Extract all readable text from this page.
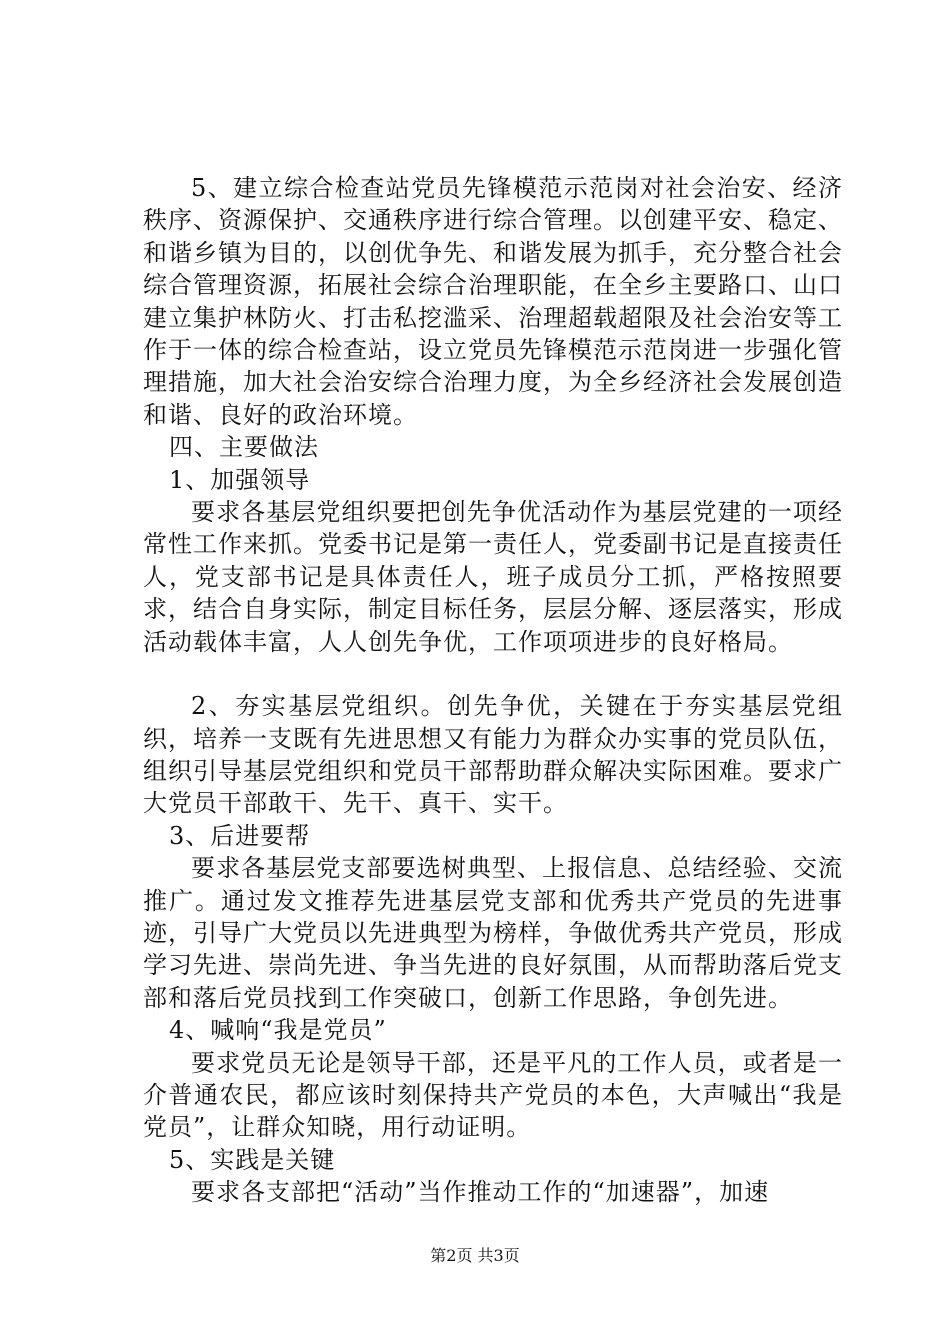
5、建立综合检查站党员先锋模范示范岗对社会治安、经济秩序、资源保护、交通秩序进行综合管理。以创建平安、稳定、和谐乡镇为目的，以创优争先、和谐发展为抓手，充分整合社会综合管理资源，拓展社会综合治理职能，在全乡主要路口、山口建立集护林防火、打击私挖滥采、治理超载超限及社会治安等工作于一体的综合检查站，设立党员先锋模范示范岗进一步强化管理措施，加大社会治安综合治理力度，为全乡经济社会发展创造和谐、良好的政治环境。

四、主要做法

1、加强领导

要求各基层党组织要把创先争优活动作为基层党建的一项经常性工作来抓。党委书记是第一责任人，党委副书记是直接责任人，党支部书记是具体责任人，班子成员分工抓，严格按照要求，结合自身实际，制定目标任务，层层分解、逐层落实，形成活动载体丰富，人人创先争优，工作项项进步的良好格局。

2、夯实基层党组织。创先争优，关键在于夯实基层党组织，培养一支既有先进思想又有能力为群众办实事的党员队伍，组织引导基层党组织和党员干部帮助群众解决实际困难。要求广大党员干部敢干、先干、真干、实干。

3、后进要帮

要求各基层党支部要选树典型、上报信息、总结经验、交流推广。通过发文推荐先进基层党支部和优秀共产党员的先进事迹，引导广大党员以先进典型为榜样，争做优秀共产党员，形成学习先进、崇尚先进、争当先进的良好氛围，从而帮助落后党支部和落后党员找到工作突破口，创新工作思路，争创先进。

4、喊响“我是党员”

要求党员无论是领导干部，还是平凡的工作人员，或者是一介普通农民，都应该时刻保持共产党员的本色，大声喊出“我是党员”，让群众知晓，用行动证明。

5、实践是关键

要求各支部把“活动”当作推动工作的“加速器”，加速

第2页 共3页
